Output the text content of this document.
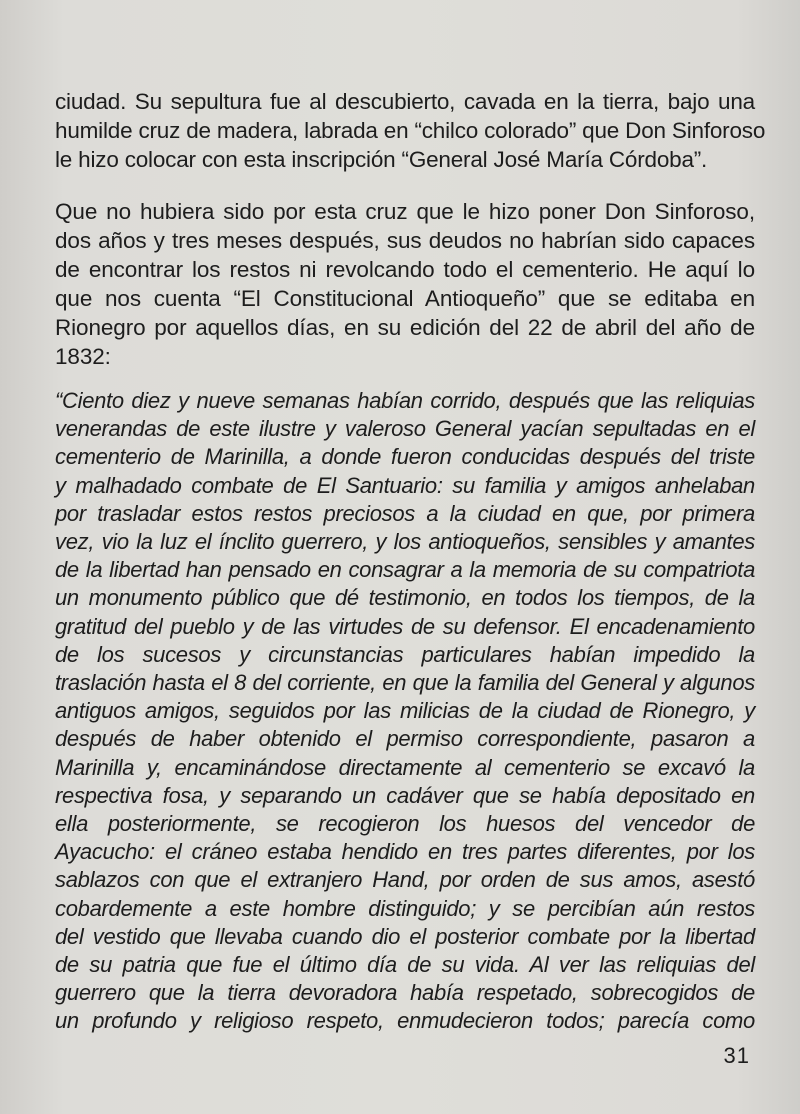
ciudad. Su sepultura fue al descubierto, cavada en la tierra, bajo una
humilde cruz de madera, labrada en “chilco colorado” que Don Sinforoso
le hizo colocar con esta inscripción “General José María Córdoba”.
Que no hubiera sido por esta cruz que le hizo poner Don Sinforoso,
dos años y tres meses después, sus deudos no habrían sido capaces
de encontrar los restos ni revolcando todo el cementerio. He aquí lo
que nos cuenta “El Constitucional Antioqueño” que se editaba en
Rionegro por aquellos días, en su edición del 22 de abril del año de
1832:
“Ciento diez y nueve semanas habían corrido, después que las reliquias
venerandas de este ilustre y valeroso General yacían sepultadas en el
cementerio de Marinilla, a donde fueron conducidas después del triste
y malhadado combate de El Santuario: su familia y amigos anhelaban
por trasladar estos restos preciosos a la ciudad en que, por primera
vez, vio la luz el ínclito guerrero, y los antioqueños, sensibles y amantes
de la libertad han pensado en consagrar a la memoria de su compatriota
un monumento público que dé testimonio, en todos los tiempos, de la
gratitud del pueblo y de las virtudes de su defensor. El encadenamiento
de los sucesos y circunstancias particulares habían impedido la
traslación hasta el 8 del corriente, en que la familia del General y algunos
antiguos amigos, seguidos por las milicias de la ciudad de Rionegro, y
después de haber obtenido el permiso correspondiente, pasaron a
Marinilla y, encaminándose directamente al cementerio se excavó la
respectiva fosa, y separando un cadáver que se había depositado en
ella posteriormente, se recogieron los huesos del vencedor de
Ayacucho: el cráneo estaba hendido en tres partes diferentes, por los
sablazos con que el extranjero Hand, por orden de sus amos, asestó
cobardemente a este hombre distinguido; y se percibían aún restos
del vestido que llevaba cuando dio el posterior combate por la libertad
de su patria que fue el último día de su vida. Al ver las reliquias del
guerrero que la tierra devoradora había respetado, sobrecogidos de
un profundo y religioso respeto, enmudecieron todos; parecía como
31
